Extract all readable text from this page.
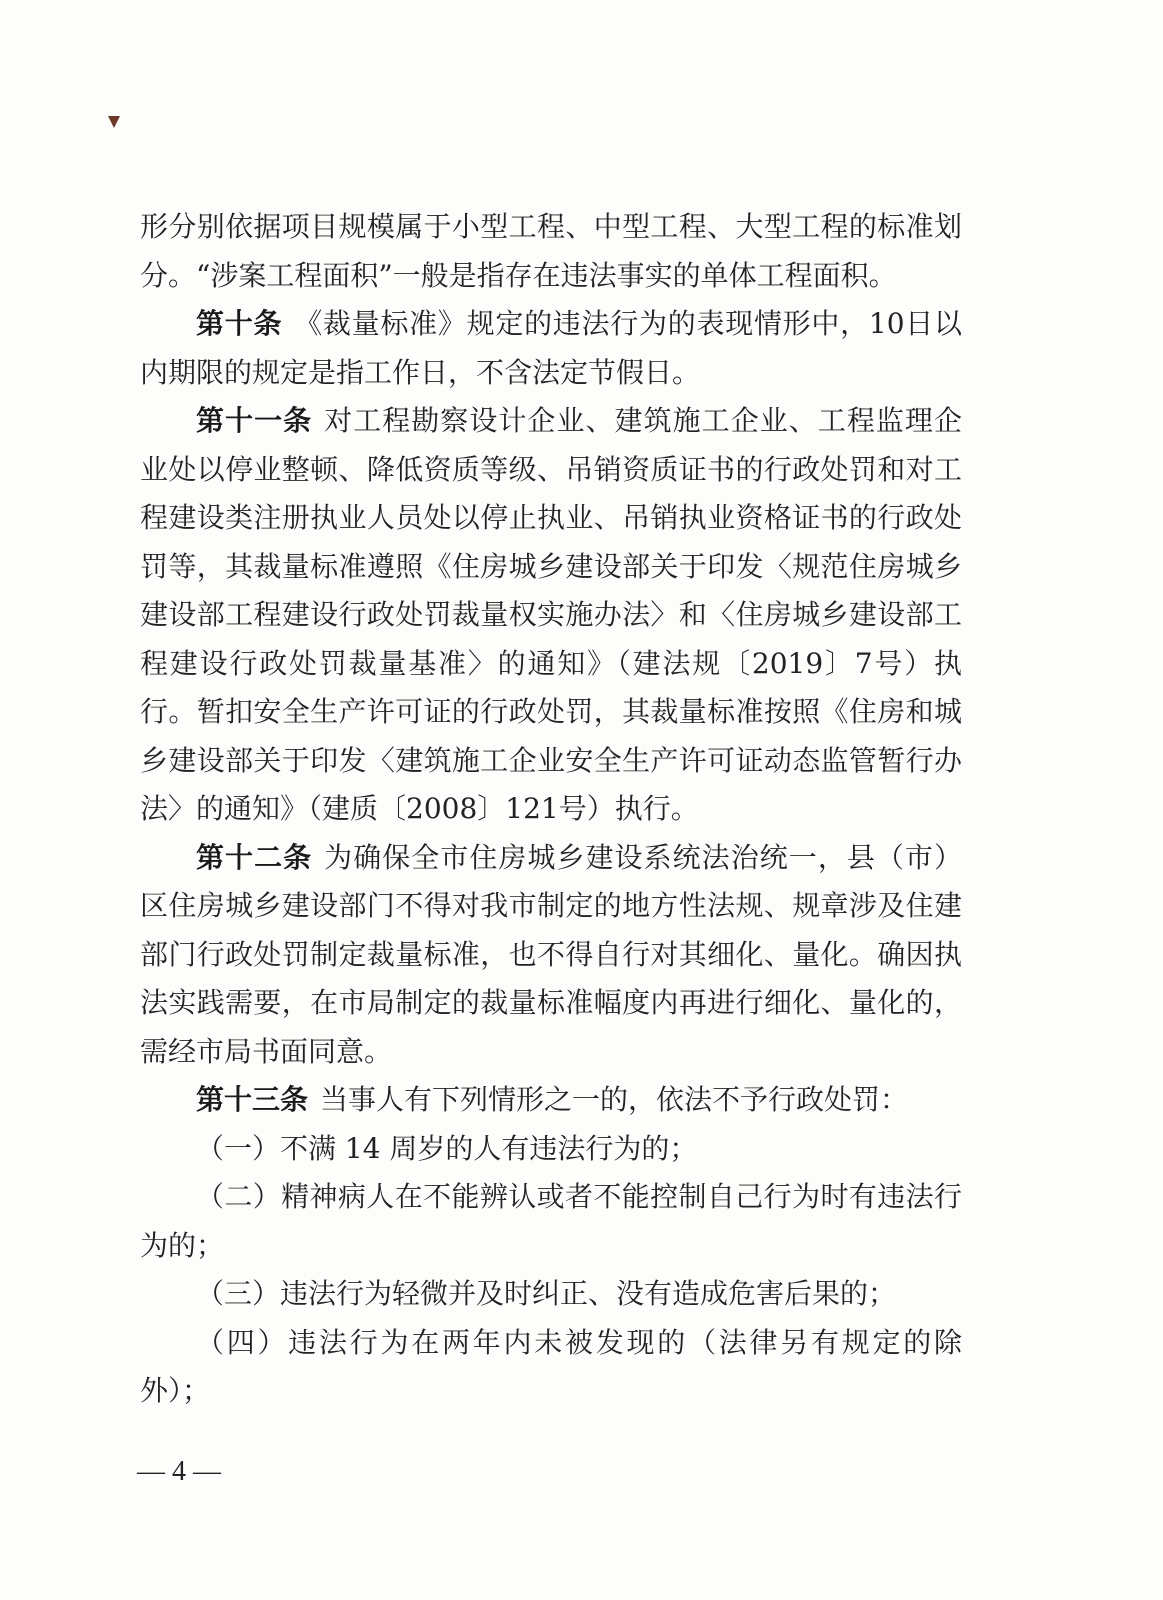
形分别依据项目规模属于小型工程、中型工程、大型工程的标准划分。“涉案工程面积”一般是指存在违法事实的单体工程面积。

第十条 《裁量标准》规定的违法行为的表现情形中，10日以内期限的规定是指工作日，不含法定节假日。

第十一条 对工程勘察设计企业、建筑施工企业、工程监理企业处以停业整顿、降低资质等级、吊销资质证书的行政处罚和对工程建设类注册执业人员处以停止执业、吊销执业资格证书的行政处罚等，其裁量标准遵照《住房城乡建设部关于印发〈规范住房城乡建设部工程建设行政处罚裁量权实施办法〉和〈住房城乡建设部工程建设行政处罚裁量基准〉的通知》（建法规〔2019〕7号）执行。暂扣安全生产许可证的行政处罚，其裁量标准按照《住房和城乡建设部关于印发〈建筑施工企业安全生产许可证动态监管暂行办法〉的通知》（建质〔2008〕121号）执行。

第十二条 为确保全市住房城乡建设系统法治统一，县（市）区住房城乡建设部门不得对我市制定的地方性法规、规章涉及住建部门行政处罚制定裁量标准，也不得自行对其细化、量化。确因执法实践需要，在市局制定的裁量标准幅度内再进行细化、量化的，需经市局书面同意。

第十三条 当事人有下列情形之一的，依法不予行政处罚：

（一）不满 14 周岁的人有违法行为的；

（二）精神病人在不能辨认或者不能控制自己行为时有违法行为的；

（三）违法行为轻微并及时纠正、没有造成危害后果的；

（四）违法行为在两年内未被发现的（法律另有规定的除外）；

— 4 —
